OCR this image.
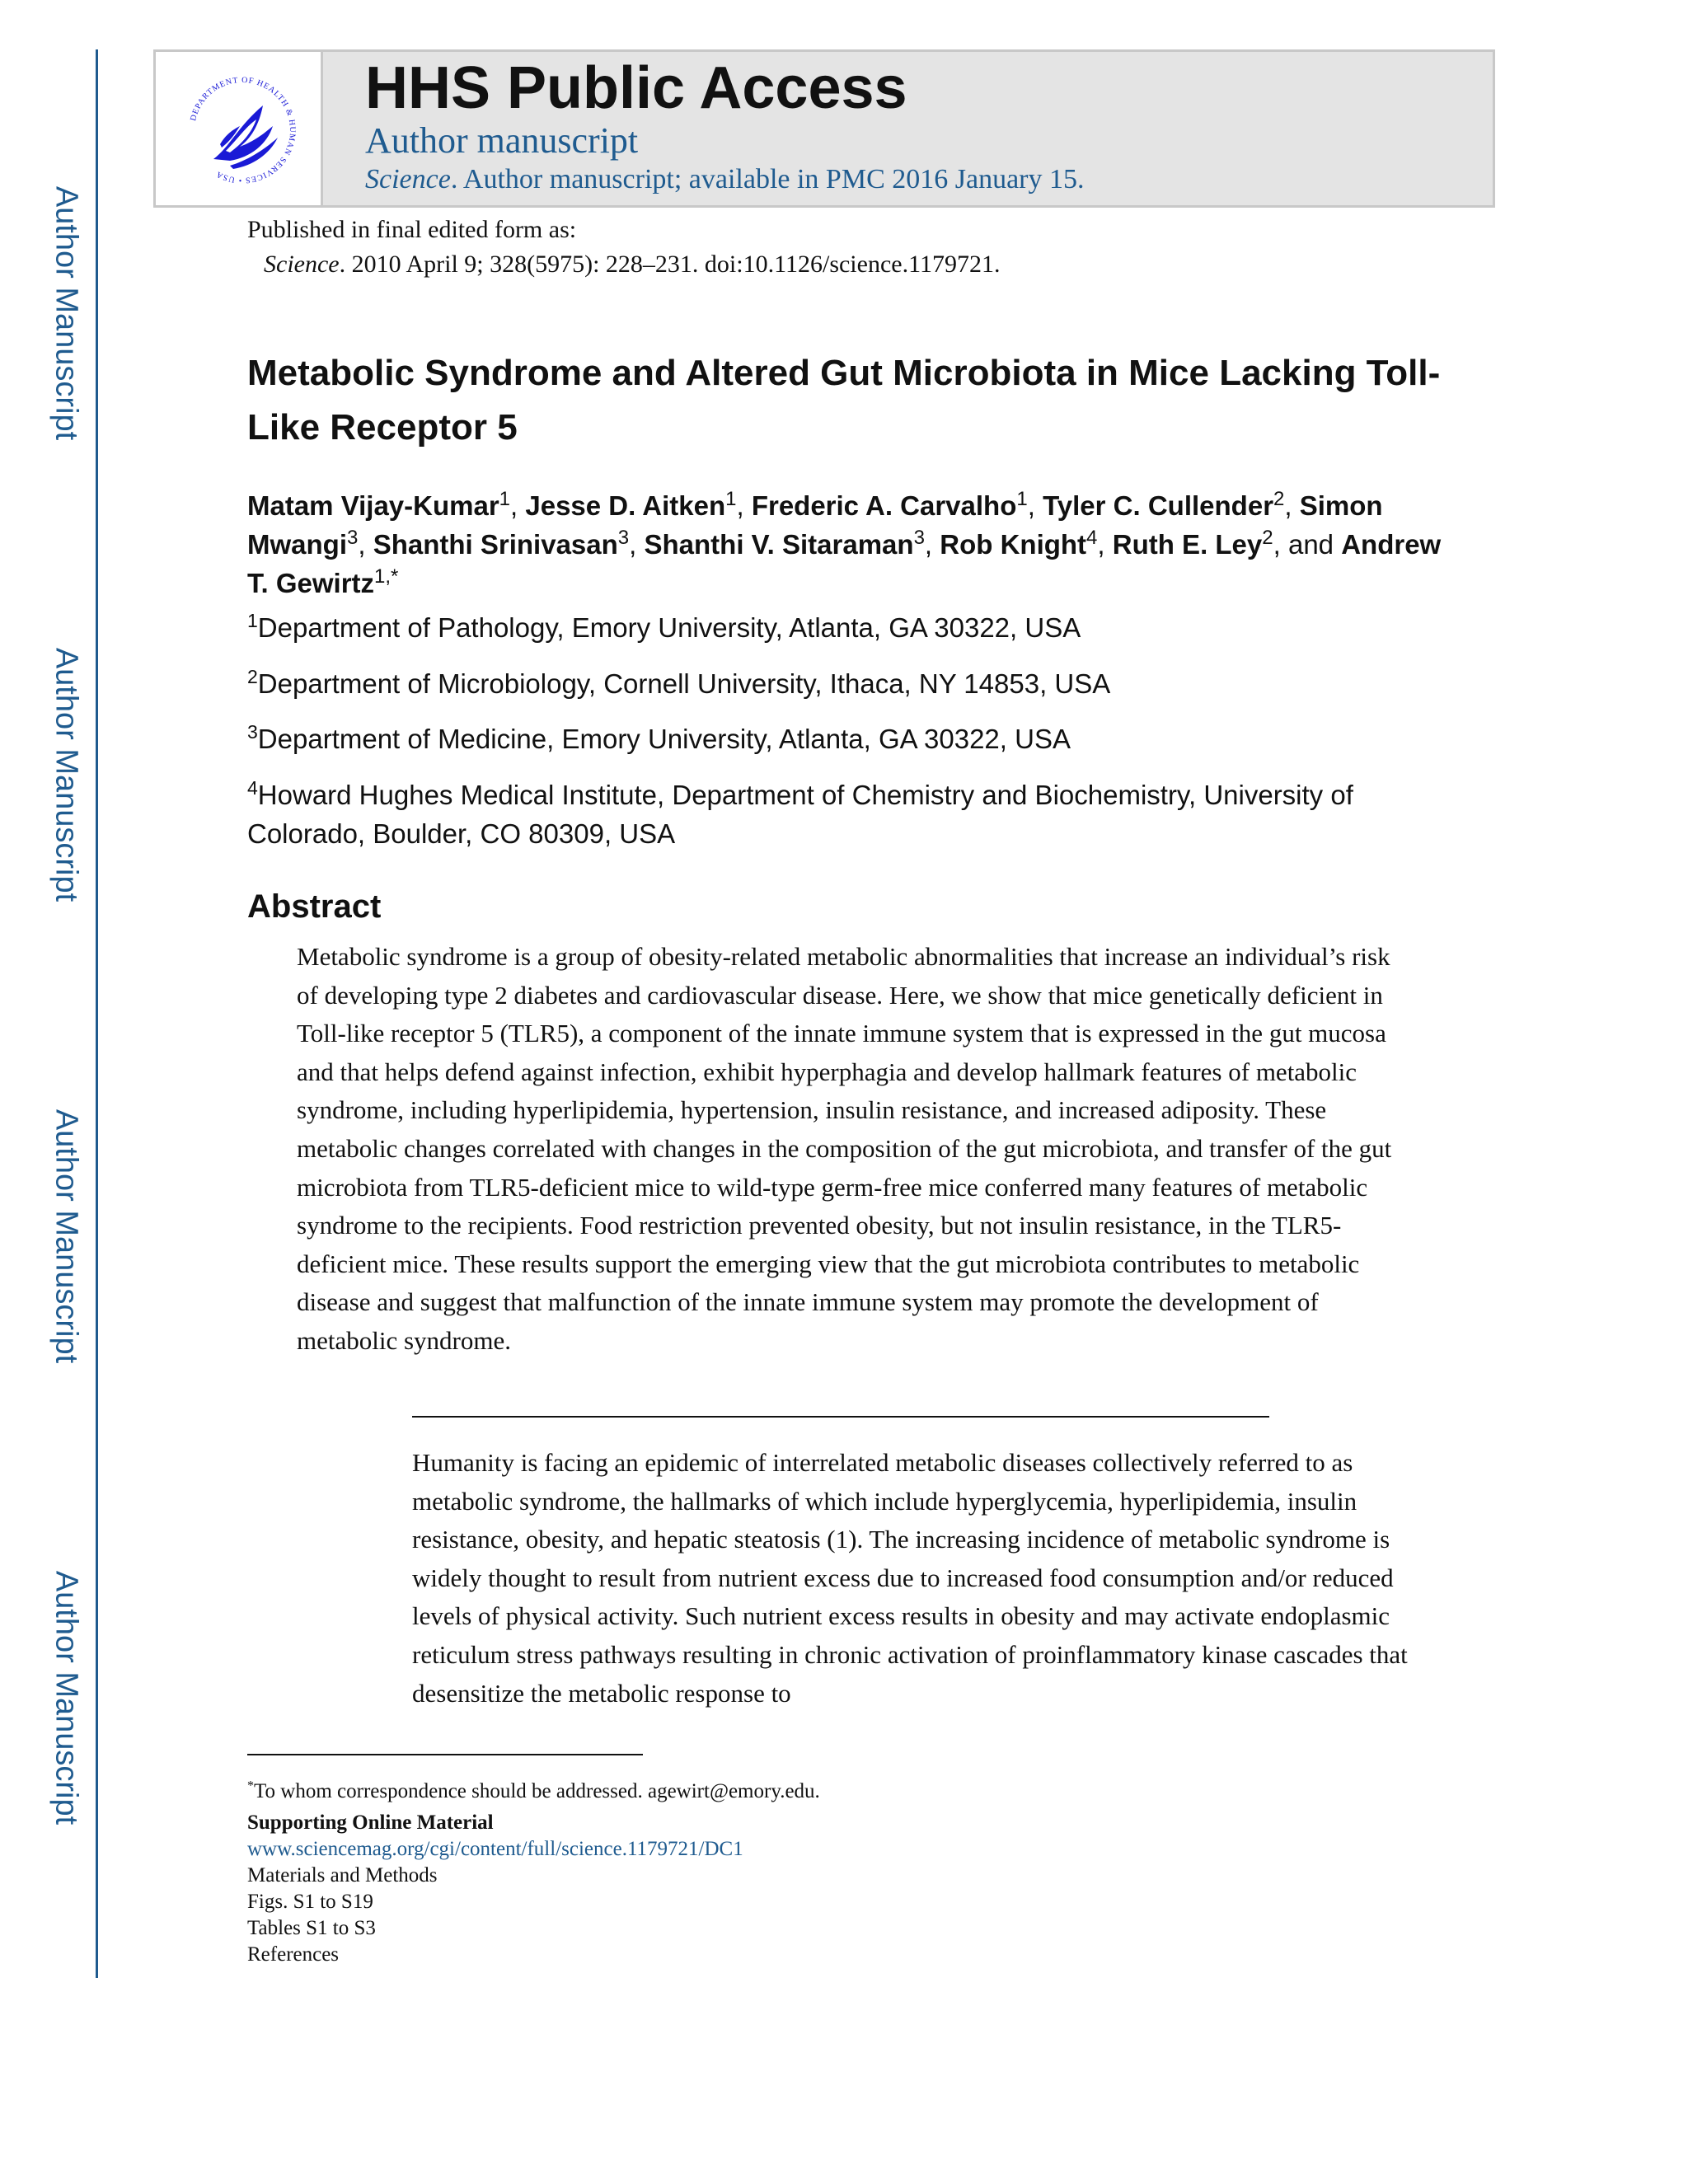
Author Manuscript
Author Manuscript
Author Manuscript
Author Manuscript
DEPARTMENT OF HEALTH & HUMAN SERVICES • USA
HHS Public Access
Author manuscript
Science. Author manuscript; available in PMC 2016 January 15.
Published in final edited form as:
Science. 2010 April 9; 328(5975): 228–231. doi:10.1126/science.1179721.
Metabolic Syndrome and Altered Gut Microbiota in Mice Lacking Toll-Like Receptor 5
Matam Vijay-Kumar$^1$, Jesse D. Aitken$^1$, Frederic A. Carvalho$^1$, Tyler C. Cullender$^2$, Simon Mwangi$^3$, Shanthi Srinivasan$^3$, Shanthi V. Sitaraman$^3$, Rob Knight$^4$, Ruth E. Ley$^2$, and Andrew T. Gewirtz$^{1,*}$
$^1$Department of Pathology, Emory University, Atlanta, GA 30322, USA
$^2$Department of Microbiology, Cornell University, Ithaca, NY 14853, USA
$^3$Department of Medicine, Emory University, Atlanta, GA 30322, USA
$^4$Howard Hughes Medical Institute, Department of Chemistry and Biochemistry, University of Colorado, Boulder, CO 80309, USA
Abstract

Metabolic syndrome is a group of obesity-related metabolic abnormalities that increase an individual’s risk of developing type 2 diabetes and cardiovascular disease. Here, we show that mice genetically deficient in Toll-like receptor 5 (TLR5), a component of the innate immune system that is expressed in the gut mucosa and that helps defend against infection, exhibit hyperphagia and develop hallmark features of metabolic syndrome, including hyperlipidemia, hypertension, insulin resistance, and increased adiposity. These metabolic changes correlated with changes in the composition of the gut microbiota, and transfer of the gut microbiota from TLR5-deficient mice to wild-type germ-free mice conferred many features of metabolic syndrome to the recipients. Food restriction prevented obesity, but not insulin resistance, in the TLR5-deficient mice. These results support the emerging view that the gut microbiota contributes to metabolic disease and suggest that malfunction of the innate immune system may promote the development of metabolic syndrome.

Humanity is facing an epidemic of interrelated metabolic diseases collectively referred to as metabolic syndrome, the hallmarks of which include hyperglycemia, hyperlipidemia, insulin resistance, obesity, and hepatic steatosis (1). The increasing incidence of metabolic syndrome is widely thought to result from nutrient excess due to increased food consumption and/or reduced levels of physical activity. Such nutrient excess results in obesity and may activate endoplasmic reticulum stress pathways resulting in chronic activation of proinflammatory kinase cascades that desensitize the metabolic response to

*To whom correspondence should be addressed. agewirt@emory.edu.
Supporting Online Material
www.sciencemag.org/cgi/content/full/science.1179721/DC1
Materials and Methods
Figs. S1 to S19
Tables S1 to S3
References
